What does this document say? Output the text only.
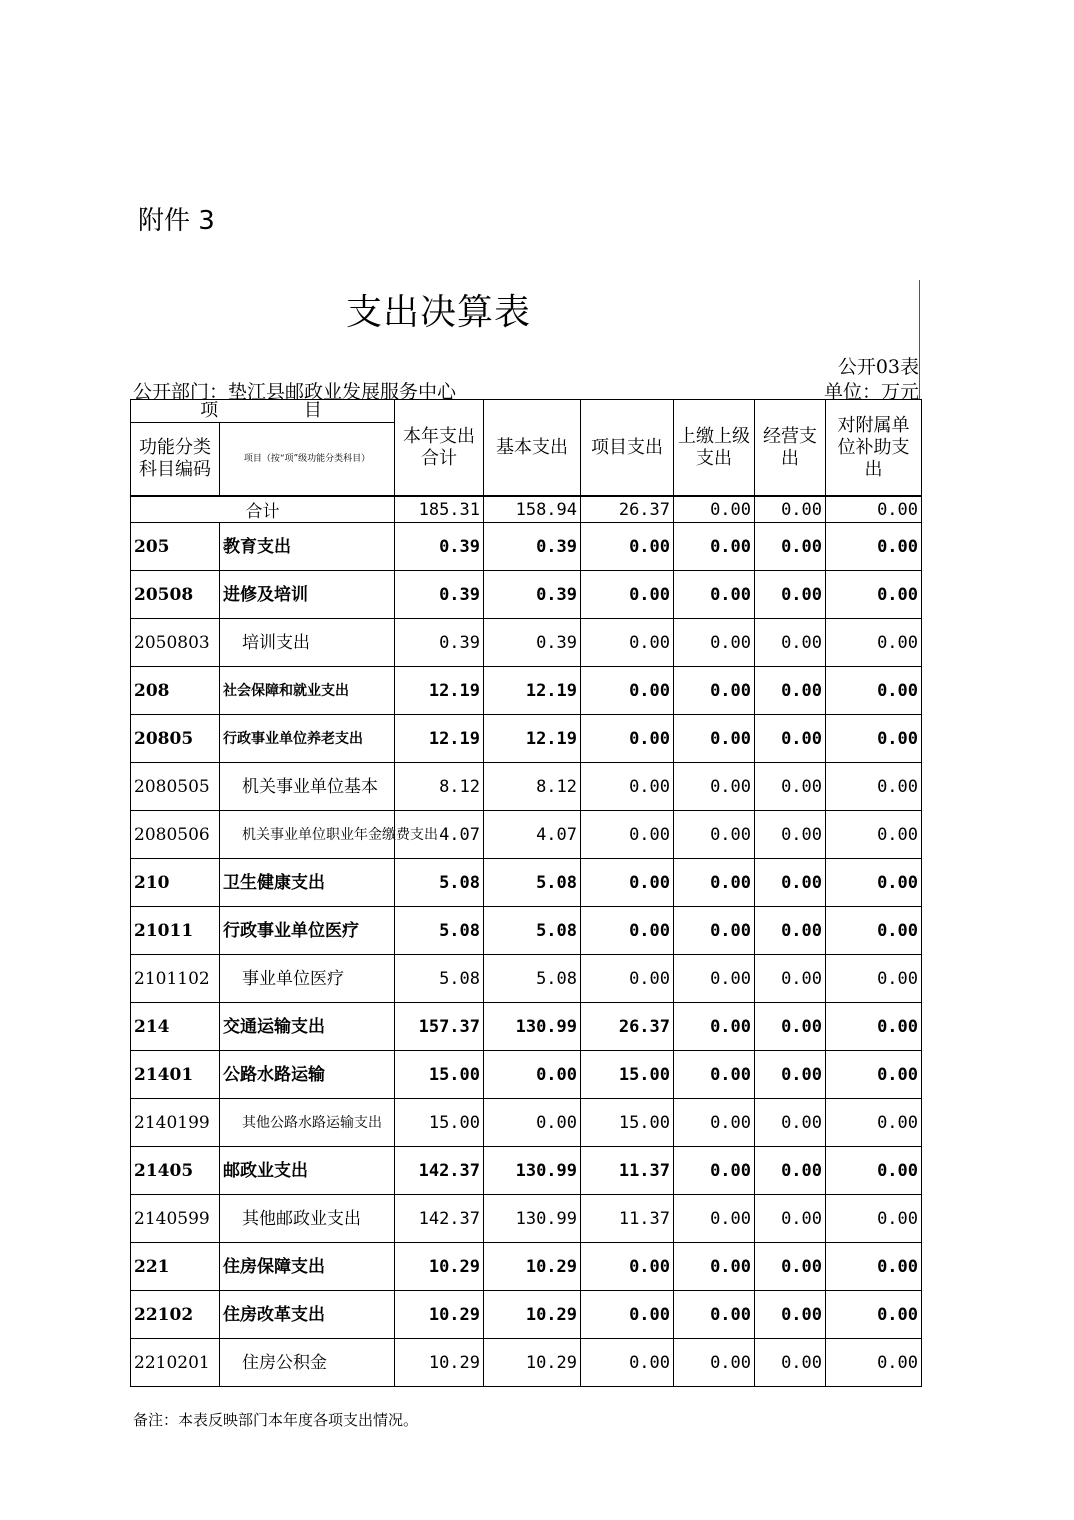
附件 3
支出决算表
公开03表
公开部门：垫江县邮政业发展服务中心	单位：万元
项 目		本年支出合计	基本支出	项目支出	上缴上级支出	经营支出	对附属单位补助支出
功能分类科目编码	项目（按“项”级功能分类科目）						
合计		185.31	158.94	26.37	0.00	0.00	0.00
205	教育支出	0.39	0.39	0.00	0.00	0.00	0.00
20508	进修及培训	0.39	0.39	0.00	0.00	0.00	0.00
2050803	培训支出	0.39	0.39	0.00	0.00	0.00	0.00
208	社会保障和就业支出	12.19	12.19	0.00	0.00	0.00	0.00
20805	行政事业单位养老支出	12.19	12.19	0.00	0.00	0.00	0.00
2080505	机关事业单位基本	8.12	8.12	0.00	0.00	0.00	0.00
2080506	机关事业单位职业年金缴费支出	4.07	4.07	0.00	0.00	0.00	0.00
210	卫生健康支出	5.08	5.08	0.00	0.00	0.00	0.00
21011	行政事业单位医疗	5.08	5.08	0.00	0.00	0.00	0.00
2101102	事业单位医疗	5.08	5.08	0.00	0.00	0.00	0.00
214	交通运输支出	157.37	130.99	26.37	0.00	0.00	0.00
21401	公路水路运输	15.00	0.00	15.00	0.00	0.00	0.00
2140199	其他公路水路运输支出	15.00	0.00	15.00	0.00	0.00	0.00
21405	邮政业支出	142.37	130.99	11.37	0.00	0.00	0.00
2140599	其他邮政业支出	142.37	130.99	11.37	0.00	0.00	0.00
221	住房保障支出	10.29	10.29	0.00	0.00	0.00	0.00
22102	住房改革支出	10.29	10.29	0.00	0.00	0.00	0.00
2210201	住房公积金	10.29	10.29	0.00	0.00	0.00	0.00
备注：本表反映部门本年度各项支出情况。
